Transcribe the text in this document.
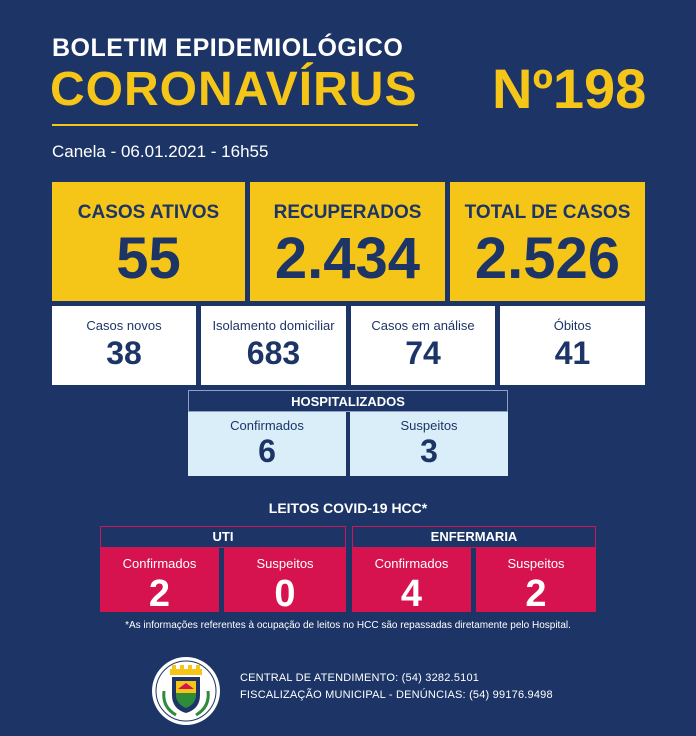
BOLETIM EPIDEMIOLÓGICO
CORONAVÍRUS Nº198
Canela - 06.01.2021 - 16h55
CASOS ATIVOS
55
RECUPERADOS
2.434
TOTAL DE CASOS
2.526
Casos novos
38
Isolamento domiciliar
683
Casos em análise
74
Óbitos
41
HOSPITALIZADOS
Confirmados
6
Suspeitos
3
LEITOS COVID-19 HCC*
UTI
Confirmados
2
Suspeitos
0
ENFERMARIA
Confirmados
4
Suspeitos
2
*As informações referentes à ocupação de leitos no HCC são repassadas diretamente pelo Hospital.
CENTRAL DE ATENDIMENTO: (54) 3282.5101
FISCALIZAÇÃO MUNICIPAL - DENÚNCIAS: (54) 99176.9498
